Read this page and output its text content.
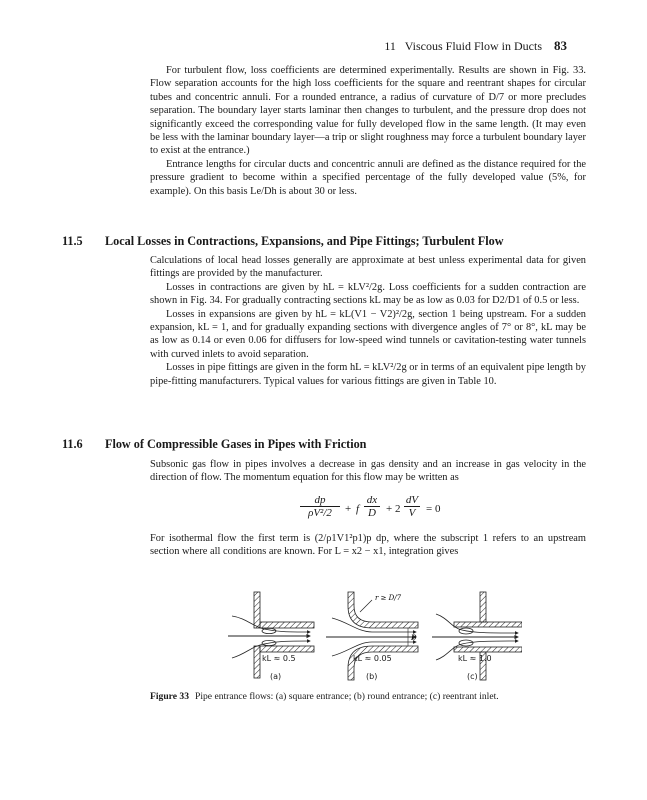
11   Viscous Fluid Flow in Ducts 83

For turbulent flow, loss coefficients are determined experimentally. Results are shown in Fig. 33. Flow separation accounts for the high loss coefficients for the square and reentrant shapes for circular tubes and concentric annuli. For a rounded entrance, a radius of curvature of D/7 or more precludes separation. The boundary layer starts laminar then changes to turbulent, and the pressure drop does not significantly exceed the corresponding value for fully developed flow in the same length. (It may even be less with the laminar boundary layer—a trip or slight roughness may force a turbulent boundary layer to exist at the entrance.)

Entrance lengths for circular ducts and concentric annuli are defined as the distance required for the pressure gradient to become within a specified percentage of the fully developed value (5%, for example). On this basis Le/Dh is about 30 or less.

11.5 Local Losses in Contractions, Expansions, and Pipe Fittings; Turbulent Flow

Calculations of local head losses generally are approximate at best unless experimental data for given fittings are provided by the manufacturer.

Losses in contractions are given by hL = kLV²/2g. Loss coefficients for a sudden contraction are shown in Fig. 34. For gradually contracting sections kL may be as low as 0.03 for D2/D1 of 0.5 or less.

Losses in expansions are given by hL = kL(V1 − V2)²/2g, section 1 being upstream. For a sudden expansion, kL = 1, and for gradually expanding sections with divergence angles of 7° or 8°, kL may be as low as 0.14 or even 0.06 for diffusers for low-speed wind tunnels or cavitation-testing water tunnels with curved inlets to avoid separation.

Losses in pipe fittings are given in the form hL = kLV²/2g or in terms of an equivalent pipe length by pipe-fitting manufacturers. Typical values for various fittings are given in Table 10.

11.6 Flow of Compressible Gases in Pipes with Friction

Subsonic gas flow in pipes involves a decrease in gas density and an increase in gas velocity in the direction of flow. The momentum equation for this flow may be written as

$\frac{dp}{\text{ρV²/2}} + f \frac{dx}{D} + 2 \frac{dV}{V} = 0$

For isothermal flow the first term is (2/ρ1V1²p1)p dp, where the subscript 1 refers to an upstream section where all conditions are known. For L = x2 − x1, integration gives

r ≥ D/7
D
kL ≈ 0.5	kL ≈ 0.05	kL ≈ 1.0
(a)	(b)	(c)
Figure 33 Pipe entrance flows: (a) square entrance; (b) round entrance; (c) reentrant inlet.
